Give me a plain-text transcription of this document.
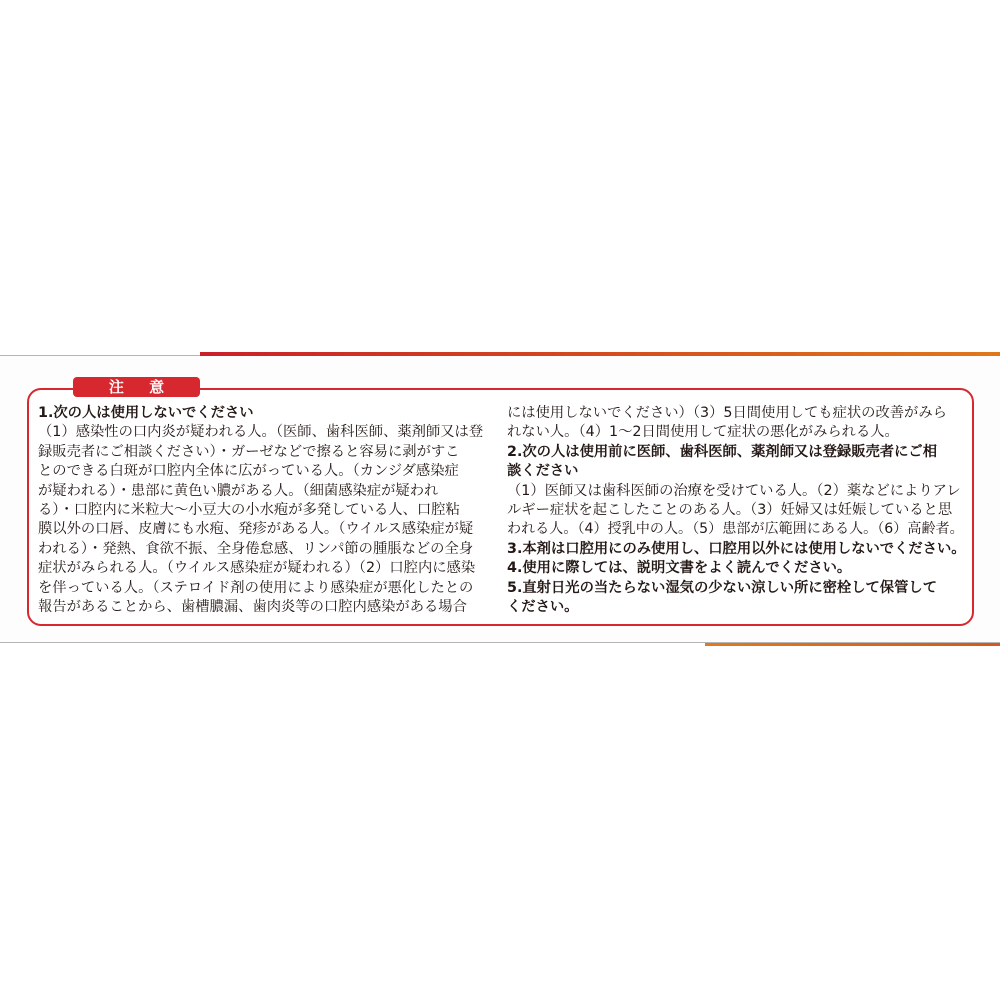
注 意
1.次の人は使用しないでください
（1）感染性の口内炎が疑われる人。（医師、歯科医師、薬剤師又は登
録販売者にご相談ください）・ガーゼなどで擦ると容易に剥がすこ
とのできる白斑が口腔内全体に広がっている人。（カンジダ感染症
が疑われる）・患部に黄色い膿がある人。（細菌感染症が疑われ
る）・口腔内に米粒大～小豆大の小水疱が多発している人、口腔粘
膜以外の口唇、皮膚にも水疱、発疹がある人。（ウイルス感染症が疑
われる）・発熱、食欲不振、全身倦怠感、リンパ節の腫脹などの全身
症状がみられる人。（ウイルス感染症が疑われる）（2）口腔内に感染
を伴っている人。（ステロイド剤の使用により感染症が悪化したとの
報告があることから、歯槽膿漏、歯肉炎等の口腔内感染がある場合
には使用しないでください）（3）5日間使用しても症状の改善がみら
れない人。（4）1～2日間使用して症状の悪化がみられる人。
2.次の人は使用前に医師、歯科医師、薬剤師又は登録販売者にご相
談ください
（1）医師又は歯科医師の治療を受けている人。（2）薬などによりアレ
ルギー症状を起こしたことのある人。（3）妊婦又は妊娠していると思
われる人。（4）授乳中の人。（5）患部が広範囲にある人。（6）高齢者。
3.本剤は口腔用にのみ使用し、口腔用以外には使用しないでください。
4.使用に際しては、説明文書をよく読んでください。
5.直射日光の当たらない湿気の少ない涼しい所に密栓して保管して
ください。
